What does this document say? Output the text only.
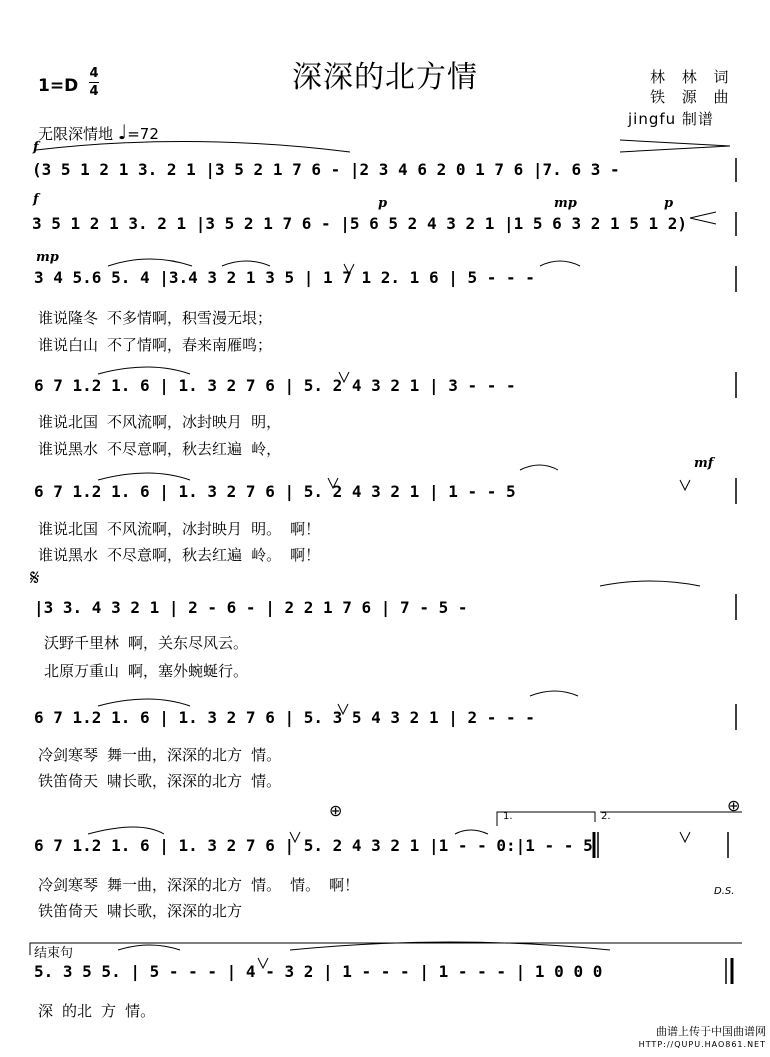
深深的北方情
1=D
4
4
无限深情地 ♩=72
林 林 词
铁 源 曲
jingfu 制谱
f
f	p	mp	p
mp
mf
𝄋
D.S.
结束句
1.	2.
⊕	⊕
(3 5 1 2 1 3. 2 1 |3 5 2 1 7 6 - |2 3 4 6 2 0 1 7 6 |7. 6 3 -
3 5 1 2 1 3. 2 1 |3 5 2 1 7 6 - |5 6 5 2 4 3 2 1 |1 5 6 3 2 1 5 1 2)
3 4 5.6 5. 4 |3.4 3 2 1 3 5 | 1 7 1 2. 1 6 | 5 - - -
谁说隆冬 不多情啊，积雪漫无垠；
谁说白山 不了情啊，春来南雁鸣；
6 7 1.2 1. 6 | 1. 3 2 7 6 | 5. 2 4 3 2 1 | 3 - - -
谁说北国 不风流啊，冰封映月 明，
谁说黑水 不尽意啊，秋去红遍 岭，
6 7 1.2 1. 6 | 1. 3 2 7 6 | 5. 2 4 3 2 1 | 1 - - 5
谁说北国 不风流啊，冰封映月 明。 啊！
谁说黑水 不尽意啊，秋去红遍 岭。 啊！
|3 3. 4 3 2 1 | 2 - 6 - | 2 2 1 7 6 | 7 - 5 -
沃野千里林 啊，关东尽风云。
北原万重山 啊，塞外蜿蜒行。
6 7 1.2 1. 6 | 1. 3 2 7 6 | 5. 3 5 4 3 2 1 | 2 - - -
冷剑寒琴 舞一曲，深深的北方 情。
铁笛倚天 啸长歌，深深的北方 情。
6 7 1.2 1. 6 | 1. 3 2 7 6 | 5. 2 4 3 2 1 |1 - - 0:|1 - - 5
冷剑寒琴 舞一曲，深深的北方 情。 情。 啊！
铁笛倚天 啸长歌，深深的北方
5. 3 5 5. | 5 - - - | 4 - 3 2 | 1 - - - | 1 - - - | 1 0 0 0
深 的北 方 情。
曲谱上传于中国曲谱网
HTTP://QUPU.HAO861.NET
